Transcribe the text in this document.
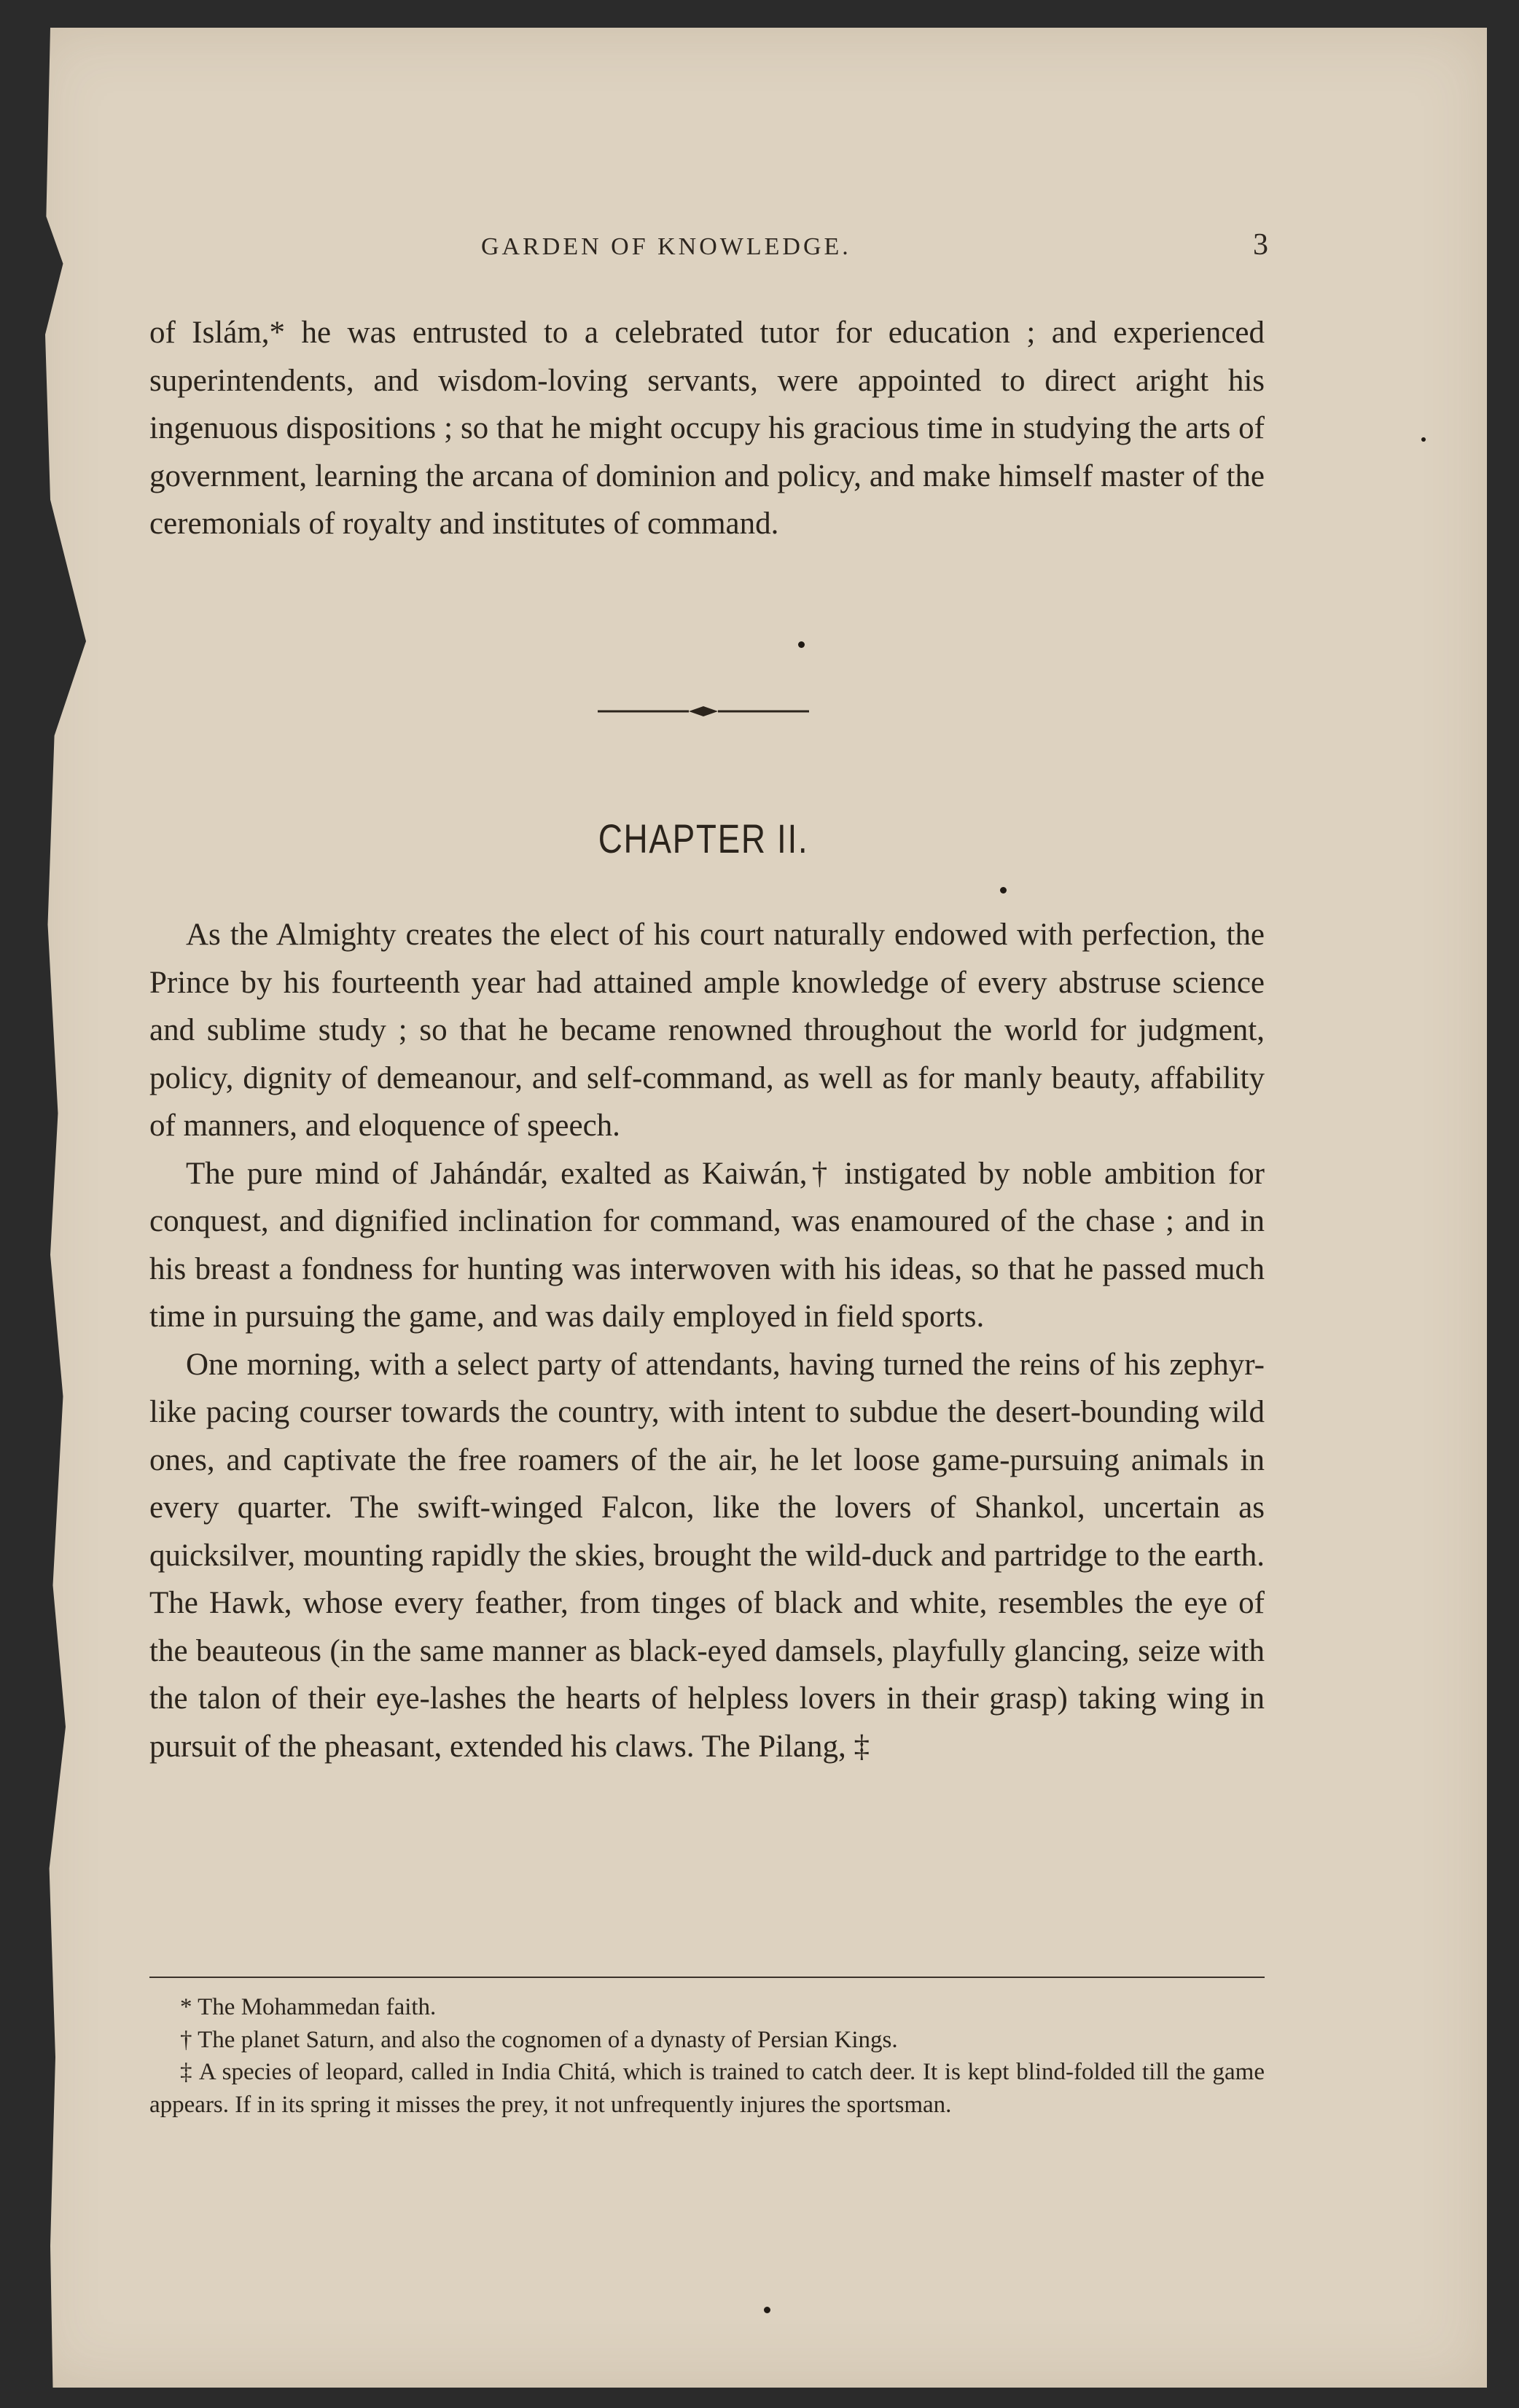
GARDEN OF KNOWLEDGE.	3

of Islám,* he was entrusted to a celebrated tutor for education ; and experienced superintendents, and wisdom-loving servants, were appointed to direct aright his ingenuous dispositions ; so that he might occupy his gracious time in studying the arts of government, learning the arcana of dominion and policy, and make himself master of the ceremonials of royalty and institutes of command.

CHAPTER II.

As the Almighty creates the elect of his court naturally endowed with perfection, the Prince by his fourteenth year had attained ample knowledge of every abstruse science and sublime study ; so that he became renowned throughout the world for judgment, policy, dignity of demeanour, and self-command, as well as for manly beauty, affability of manners, and eloquence of speech.

The pure mind of Jahándár, exalted as Kaiwán,† instigated by noble ambition for conquest, and dignified inclination for command, was enamoured of the chase ; and in his breast a fondness for hunting was interwoven with his ideas, so that he passed much time in pursuing the game, and was daily employed in field sports.

One morning, with a select party of attendants, having turned the reins of his zephyr-like pacing courser towards the country, with intent to subdue the desert-bounding wild ones, and captivate the free roamers of the air, he let loose game-pursuing animals in every quarter. The swift-winged Falcon, like the lovers of Shankol, uncertain as quicksilver, mounting rapidly the skies, brought the wild-duck and partridge to the earth. The Hawk, whose every feather, from tinges of black and white, resembles the eye of the beauteous (in the same manner as black-eyed damsels, playfully glancing, seize with the talon of their eye-lashes the hearts of helpless lovers in their grasp) taking wing in pursuit of the pheasant, extended his claws. The Pilang, ‡

* The Mohammedan faith.

† The planet Saturn, and also the cognomen of a dynasty of Persian Kings.

‡ A species of leopard, called in India Chitá, which is trained to catch deer. It is kept blind-folded till the game appears. If in its spring it misses the prey, it not unfrequently injures the sportsman.
